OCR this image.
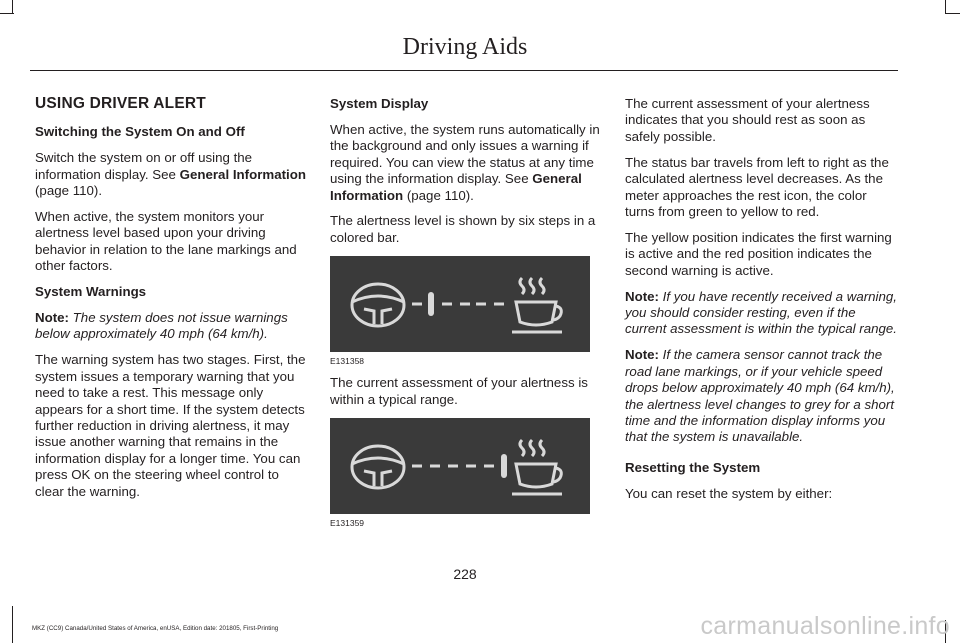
Driving Aids

USING DRIVER ALERT

Switching the System On and Off

Switch the system on or off using the information display. See General Information (page 110).

When active, the system monitors your alertness level based upon your driving behavior in relation to the lane markings and other factors.

System Warnings

Note: The system does not issue warnings below approximately 40 mph (64 km/h).

The warning system has two stages. First, the system issues a temporary warning that you need to take a rest. This message only appears for a short time. If the system detects further reduction in driving alertness, it may issue another warning that remains in the information display for a longer time. You can press OK on the steering wheel control to clear the warning.

System Display

When active, the system runs automatically in the background and only issues a warning if required. You can view the status at any time using the information display. See General Information (page 110).

The alertness level is shown by six steps in a colored bar.

E131358

The current assessment of your alertness is within a typical range.

E131359

The current assessment of your alertness indicates that you should rest as soon as safely possible.

The status bar travels from left to right as the calculated alertness level decreases. As the meter approaches the rest icon, the color turns from green to yellow to red.

The yellow position indicates the first warning is active and the red position indicates the second warning is active.

Note: If you have recently received a warning, you should consider resting, even if the current assessment is within the typical range.

Note: If the camera sensor cannot track the road lane markings, or if your vehicle speed drops below approximately 40 mph (64 km/h), the alertness level changes to grey for a short time and the information display informs you that the system is unavailable.

Resetting the System

You can reset the system by either:

228
MKZ (CC9) Canada/United States of America, enUSA, Edition date: 201805, First-Printing	carmanualsonline.info
